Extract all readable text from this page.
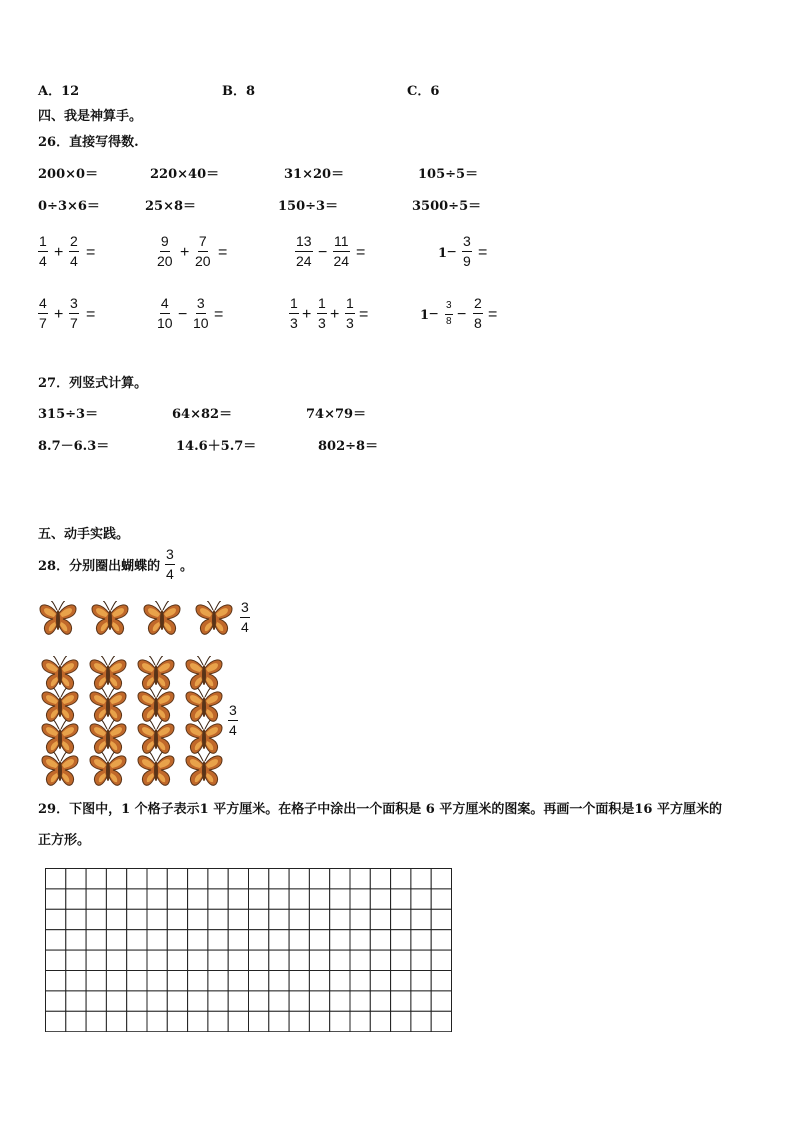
A．12	B．8	C．6
四、我是神算手。
26．直接写得数.
200×0＝	220×40＝	31×20＝	105÷5＝
0÷3×6＝	25×8＝	150÷3＝	3500÷5＝
$\frac{1}{4} + \frac{2}{4}$ =	$\frac{9}{20} + \frac{7}{20}$ =	$\frac{13}{24} - \frac{11}{24}$ =	$1 - \frac{3}{9}$ =
$\frac{4}{7} + \frac{3}{7}$ =	$\frac{4}{10} - \frac{3}{10}$ =	$\frac{1}{3} + \frac{1}{3} + \frac{1}{3}$ =	$1 - \frac{3}{8} - \frac{2}{8}$ =
27．列竖式计算。
315÷3＝	64×82＝	74×79＝
8.7－6.3＝	14.6＋5.7＝	802÷8＝
五、动手实践。
28．分别圈出蝴蝶的 $\frac{3}{4}$ 。
$\frac{3}{4}$
$\frac{3}{4}$
29．下图中，1 个格子表示1 平方厘米。在格子中涂出一个面积是 6 平方厘米的图案。再画一个面积是16 平方厘米的
正方形。
